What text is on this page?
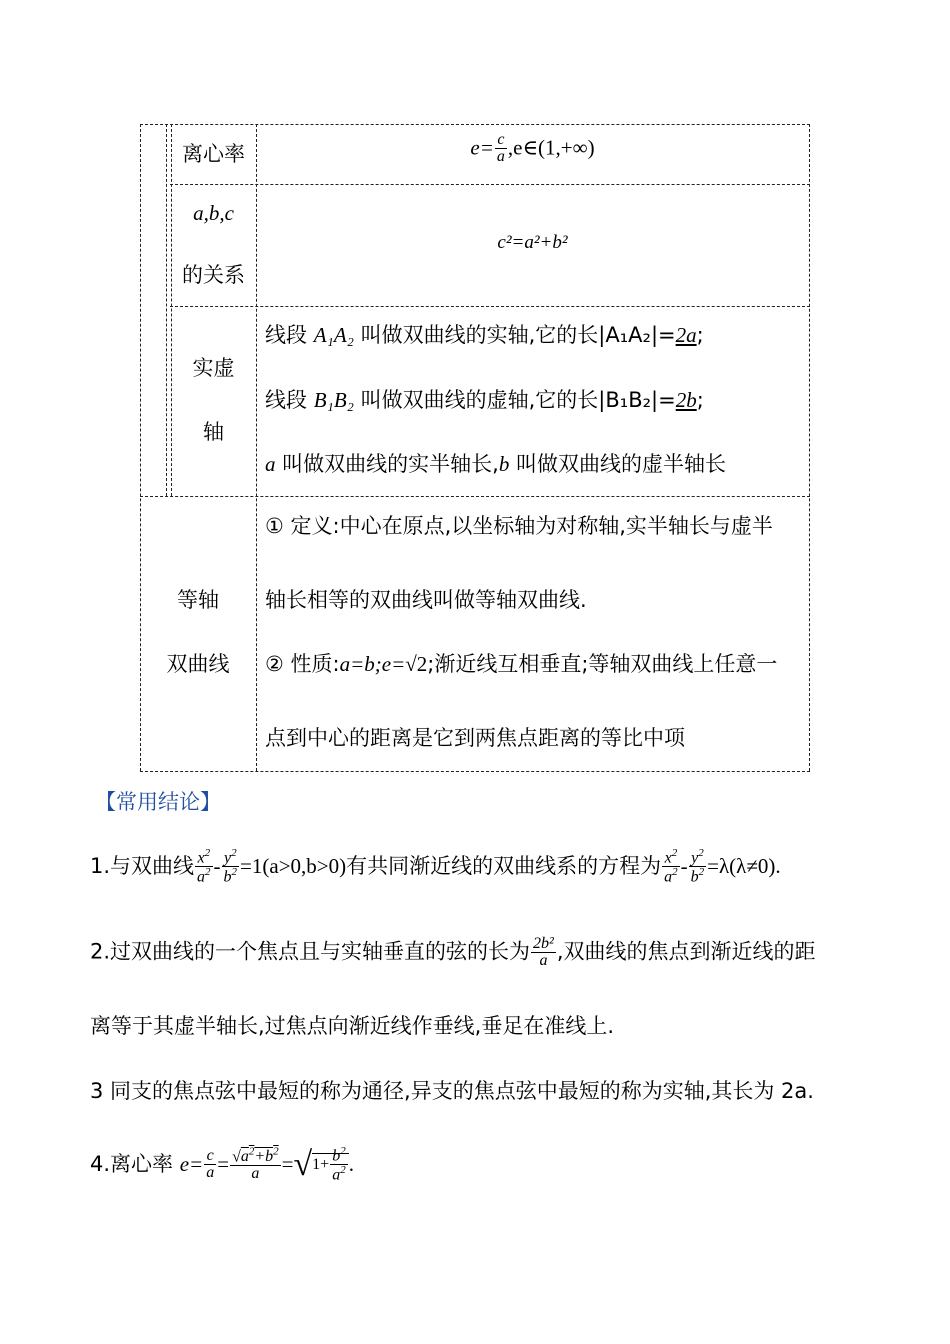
离心率	$e= \frac{c}{a}$ ,e∈(1,+∞)
a,b,c
的关系
c²=a²+b²
实虚
轴
线段 A₁A₂ 叫做双曲线的实轴,它的长|A₁A₂|=2a;
线段 B₁B₂ 叫做双曲线的虚轴,它的长|B₁B₂|=2b;
a 叫做双曲线的实半轴长,b 叫做双曲线的虚半轴长
等轴
双曲线
① 定义:中心在原点,以坐标轴为对称轴,实半轴长与虚半
轴长相等的双曲线叫做等轴双曲线.
② 性质:a=b;e=√2;渐近线互相垂直;等轴双曲线上任意一
点到中心的距离是它到两焦点距离的等比中项
【常用结论】
1.与双曲线 $\frac{x^2}{a^2} - \frac{y^2}{b^2} =1(a>0,b>0)$有共同渐近线的双曲线系的方程为 $\frac{x^2}{a^2} - \frac{y^2}{b^2} =\lambda(\lambda\ne 0)$.
2.过双曲线的一个焦点且与实轴垂直的弦的长为 $\frac{\text{2b²}}{a}$ ,双曲线的焦点到渐近线的距
离等于其虚半轴长,过焦点向渐近线作垂线,垂足在准线上.
3 同支的焦点弦中最短的称为通径,异支的焦点弦中最短的称为实轴,其长为 2a.
4.离心率 $e= \frac{c}{a} = \frac{√a^2+b^2}{a} =√1+ \frac{b^2}{a^2}$ .
